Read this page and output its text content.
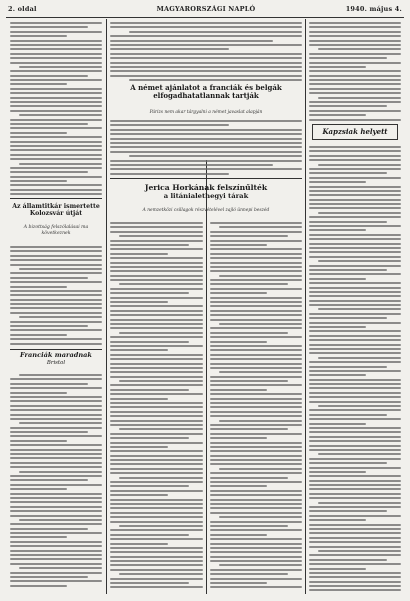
2. oldal	MAGYARORSZÁGI NAPLÓ	1940. május 4.
Az államtitkár ismertette
Kolozsvár útját
A bizottság felszólalásai ma következnek
Franciák maradnak
Bristol
A német ajánlatot a franciák és belgák elfogadhatatlannak tartják
Párizs nem akar tárgyalni a német javaslat alapján
Jerica Horkának felszínűlték
a litánialethegyi tárak
A nemzetközi csillagok részvételével zajló ünnepi beszéd
Kapzsiak helyett
